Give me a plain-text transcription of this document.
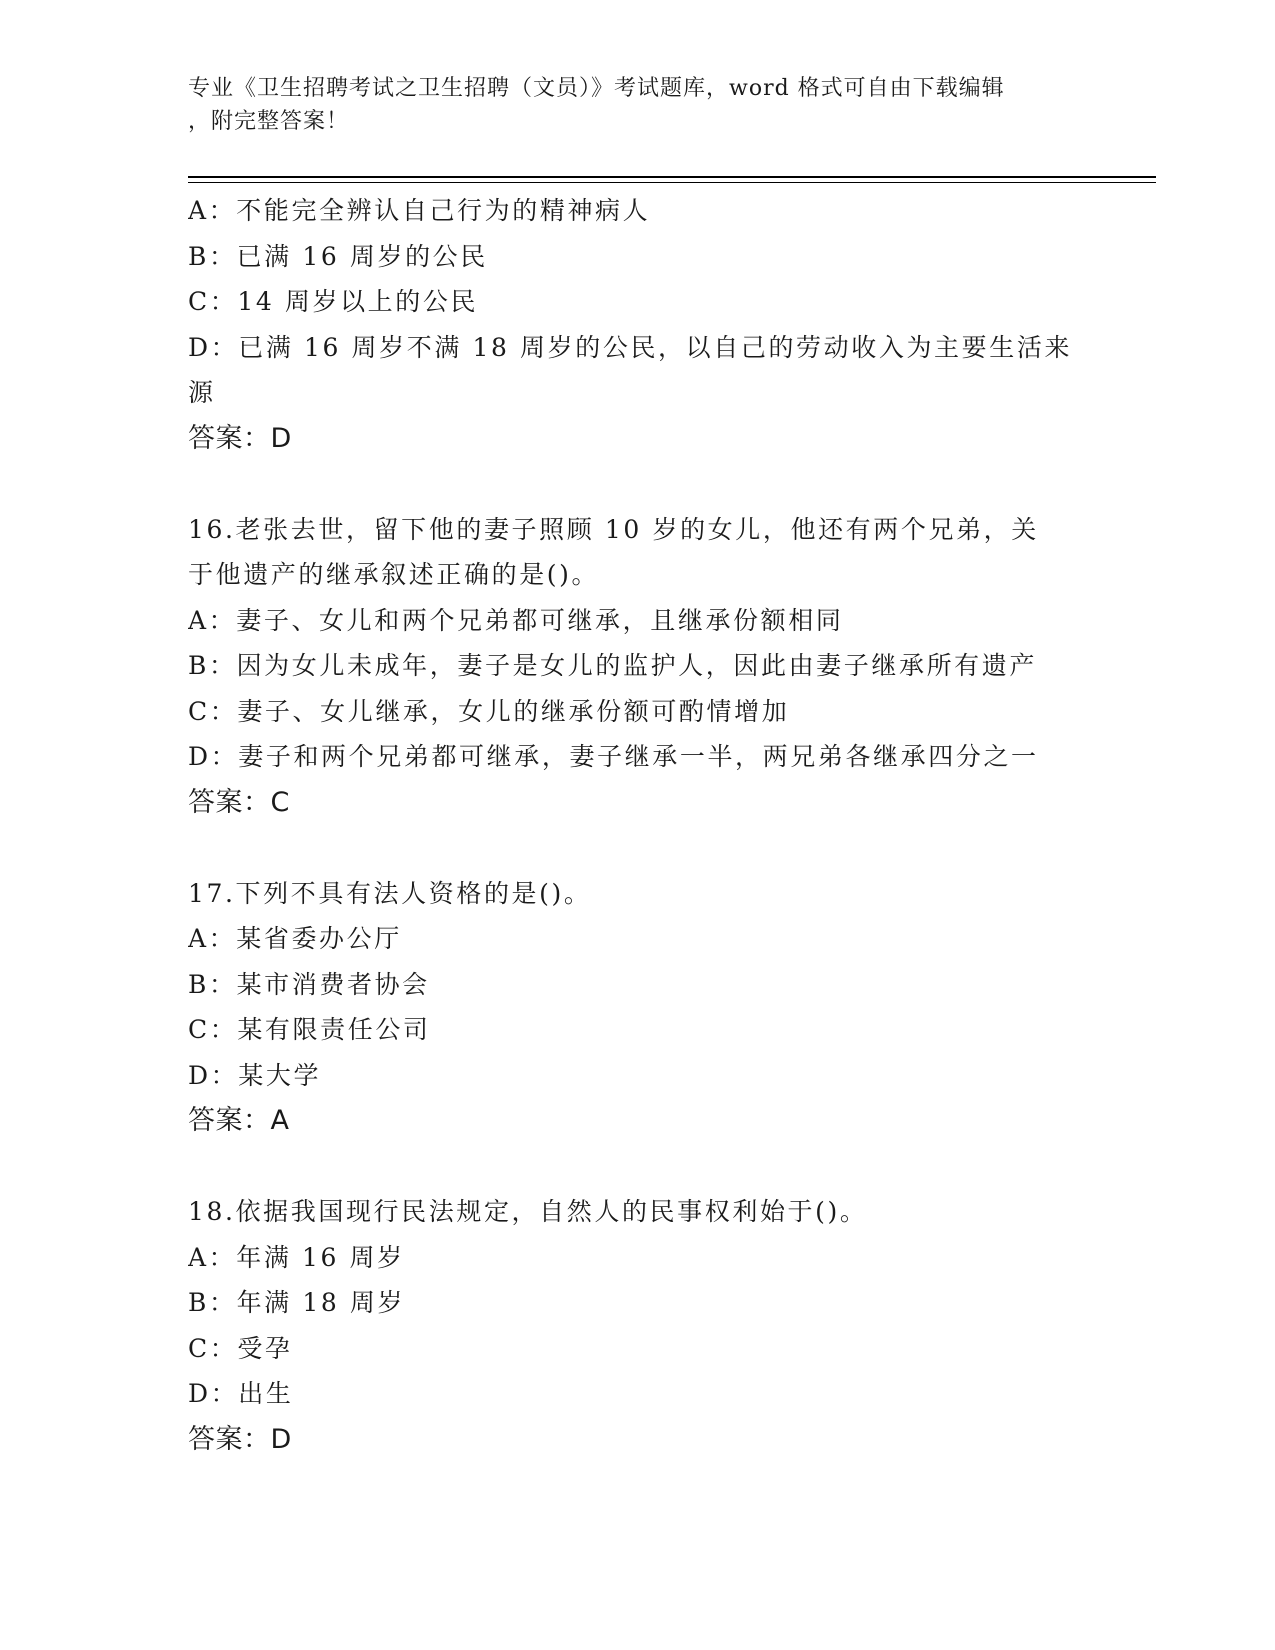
专业《卫生招聘考试之卫生招聘（文员）》考试题库，word 格式可自由下载编辑
，附完整答案！
A：不能完全辨认自己行为的精神病人
B：已满 16 周岁的公民
C：14 周岁以上的公民
D：已满 16 周岁不满 18 周岁的公民，以自己的劳动收入为主要生活来
源
答案：D
16.老张去世，留下他的妻子照顾 10 岁的女儿，他还有两个兄弟，关
于他遗产的继承叙述正确的是()。
A：妻子、女儿和两个兄弟都可继承，且继承份额相同
B：因为女儿未成年，妻子是女儿的监护人，因此由妻子继承所有遗产
C：妻子、女儿继承，女儿的继承份额可酌情增加
D：妻子和两个兄弟都可继承，妻子继承一半，两兄弟各继承四分之一
答案：C
17.下列不具有法人资格的是()。
A：某省委办公厅
B：某市消费者协会
C：某有限责任公司
D：某大学
答案：A
18.依据我国现行民法规定，自然人的民事权利始于()。
A：年满 16 周岁
B：年满 18 周岁
C：受孕
D：出生
答案：D
